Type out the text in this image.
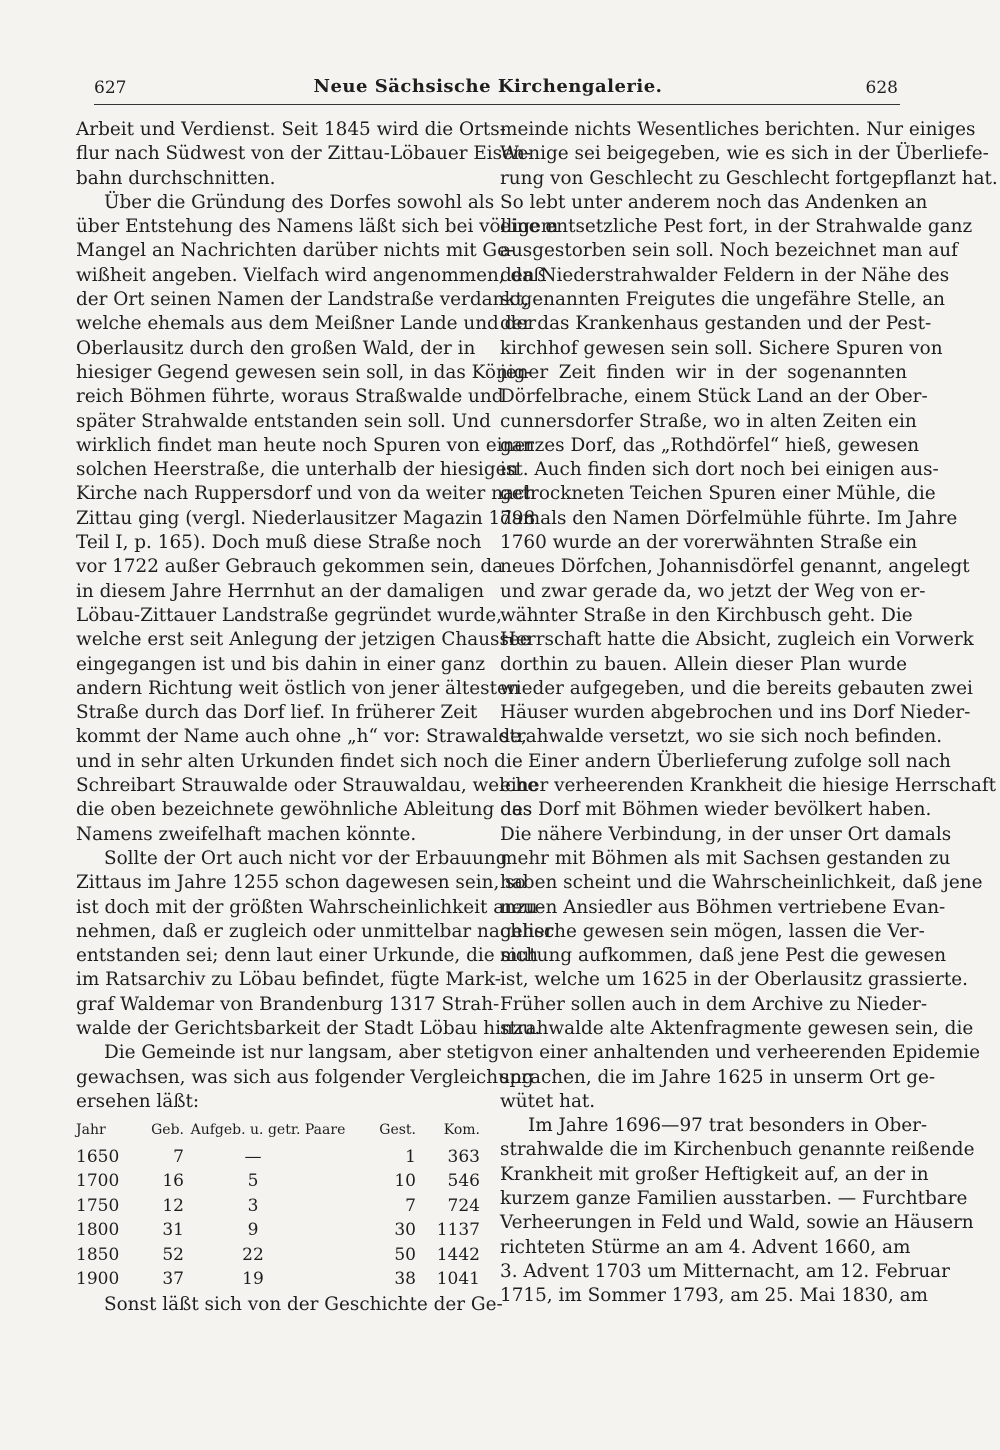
627	Neue Sächsische Kirchengalerie.	628

Arbeit und Verdienst. Seit 1845 wird die Orts-
flur nach Südwest von der Zittau-Löbauer Eisen-
bahn durchschnitten.

Über die Gründung des Dorfes sowohl als
über Entstehung des Namens läßt sich bei völligem
Mangel an Nachrichten darüber nichts mit Ge-
wißheit angeben. Vielfach wird angenommen, daß
der Ort seinen Namen der Landstraße verdankt,
welche ehemals aus dem Meißner Lande und der
Oberlausitz durch den großen Wald, der in
hiesiger Gegend gewesen sein soll, in das König-
reich Böhmen führte, woraus Straßwalde und
später Strahwalde entstanden sein soll. Und
wirklich findet man heute noch Spuren von einer
solchen Heerstraße, die unterhalb der hiesigen
Kirche nach Ruppersdorf und von da weiter nach
Zittau ging (vergl. Niederlausitzer Magazin 1798
Teil I, p. 165). Doch muß diese Straße noch
vor 1722 außer Gebrauch gekommen sein, da
in diesem Jahre Herrnhut an der damaligen
Löbau-Zittauer Landstraße gegründet wurde,
welche erst seit Anlegung der jetzigen Chaussee
eingegangen ist und bis dahin in einer ganz
andern Richtung weit östlich von jener ältesten
Straße durch das Dorf lief. In früherer Zeit
kommt der Name auch ohne „h“ vor: Strawalde,
und in sehr alten Urkunden findet sich noch die
Schreibart Strauwalde oder Strauwaldau, welche
die oben bezeichnete gewöhnliche Ableitung des
Namens zweifelhaft machen könnte.

Sollte der Ort auch nicht vor der Erbauung
Zittaus im Jahre 1255 schon dagewesen sein, so
ist doch mit der größten Wahrscheinlichkeit anzu-
nehmen, daß er zugleich oder unmittelbar nachher
entstanden sei; denn laut einer Urkunde, die sich
im Ratsarchiv zu Löbau befindet, fügte Mark-
graf Waldemar von Brandenburg 1317 Strah-
walde der Gerichtsbarkeit der Stadt Löbau hinzu.

Die Gemeinde ist nur langsam, aber stetig
gewachsen, was sich aus folgender Vergleichung
ersehen läßt:

Jahr	Geb.	Aufgeb. u. getr. Paare	Gest.	Kom.
1650	7	—	1	363
1700	16	5	10	546
1750	12	3	7	724
1800	31	9	30	1137
1850	52	22	50	1442
1900	37	19	38	1041

Sonst läßt sich von der Geschichte der Ge-

meinde nichts Wesentliches berichten. Nur einiges
Wenige sei beigegeben, wie es sich in der Überliefe-
rung von Geschlecht zu Geschlecht fortgepflanzt hat.
So lebt unter anderem noch das Andenken an
eine entsetzliche Pest fort, in der Strahwalde ganz
ausgestorben sein soll. Noch bezeichnet man auf
den Niederstrahwalder Feldern in der Nähe des
sogenannten Freigutes die ungefähre Stelle, an
der das Krankenhaus gestanden und der Pest-
kirchhof gewesen sein soll. Sichere Spuren von
jener Zeit finden wir in der sogenannten
Dörfelbrache, einem Stück Land an der Ober-
cunnersdorfer Straße, wo in alten Zeiten ein
ganzes Dorf, das „Rothdörfel“ hieß, gewesen
ist. Auch finden sich dort noch bei einigen aus-
getrockneten Teichen Spuren einer Mühle, die
damals den Namen Dörfelmühle führte. Im Jahre
1760 wurde an der vorerwähnten Straße ein
neues Dörfchen, Johannisdörfel genannt, angelegt
und zwar gerade da, wo jetzt der Weg von er-
wähnter Straße in den Kirchbusch geht. Die
Herrschaft hatte die Absicht, zugleich ein Vorwerk
dorthin zu bauen. Allein dieser Plan wurde
wieder aufgegeben, und die bereits gebauten zwei
Häuser wurden abgebrochen und ins Dorf Nieder-
strahwalde versetzt, wo sie sich noch befinden.

Einer andern Überlieferung zufolge soll nach
einer verheerenden Krankheit die hiesige Herrschaft
das Dorf mit Böhmen wieder bevölkert haben.
Die nähere Verbindung, in der unser Ort damals
mehr mit Böhmen als mit Sachsen gestanden zu
haben scheint und die Wahrscheinlichkeit, daß jene
neuen Ansiedler aus Böhmen vertriebene Evan-
gelische gewesen sein mögen, lassen die Ver-
mutung aufkommen, daß jene Pest die gewesen
ist, welche um 1625 in der Oberlausitz grassierte.
Früher sollen auch in dem Archive zu Nieder-
strahwalde alte Aktenfragmente gewesen sein, die
von einer anhaltenden und verheerenden Epidemie
sprachen, die im Jahre 1625 in unserm Ort ge-
wütet hat.

Im Jahre 1696—97 trat besonders in Ober-
strahwalde die im Kirchenbuch genannte reißende
Krankheit mit großer Heftigkeit auf, an der in
kurzem ganze Familien ausstarben. — Furchtbare
Verheerungen in Feld und Wald, sowie an Häusern
richteten Stürme an am 4. Advent 1660, am
3. Advent 1703 um Mitternacht, am 12. Februar
1715, im Sommer 1793, am 25. Mai 1830, am
